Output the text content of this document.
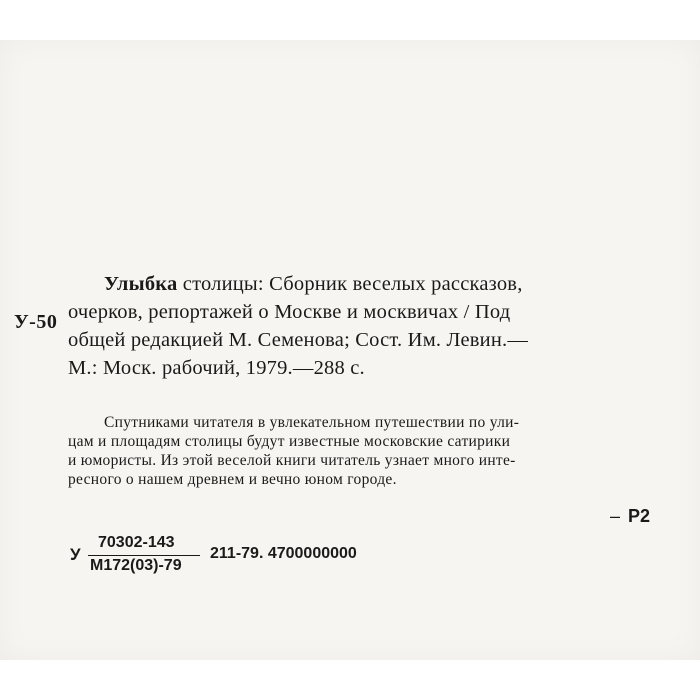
У-50
Улыбка столицы: Сборник веселых рассказов,
очерков, репортажей о Москве и москвичах / Под
общей редакцией М. Семенова; Сост. Им. Левин.—
М.: Моск. рабочий, 1979.—288 с.
Спутниками читателя в увлекательном путешествии по ули-
цам и площадям столицы будут известные московские сатирики
и юмористы. Из этой веселой книги читатель узнает много инте-
ресного о нашем древнем и вечно юном городе.
– Р2
У
70302-143
М172(03)-79
211-79. 4700000000
